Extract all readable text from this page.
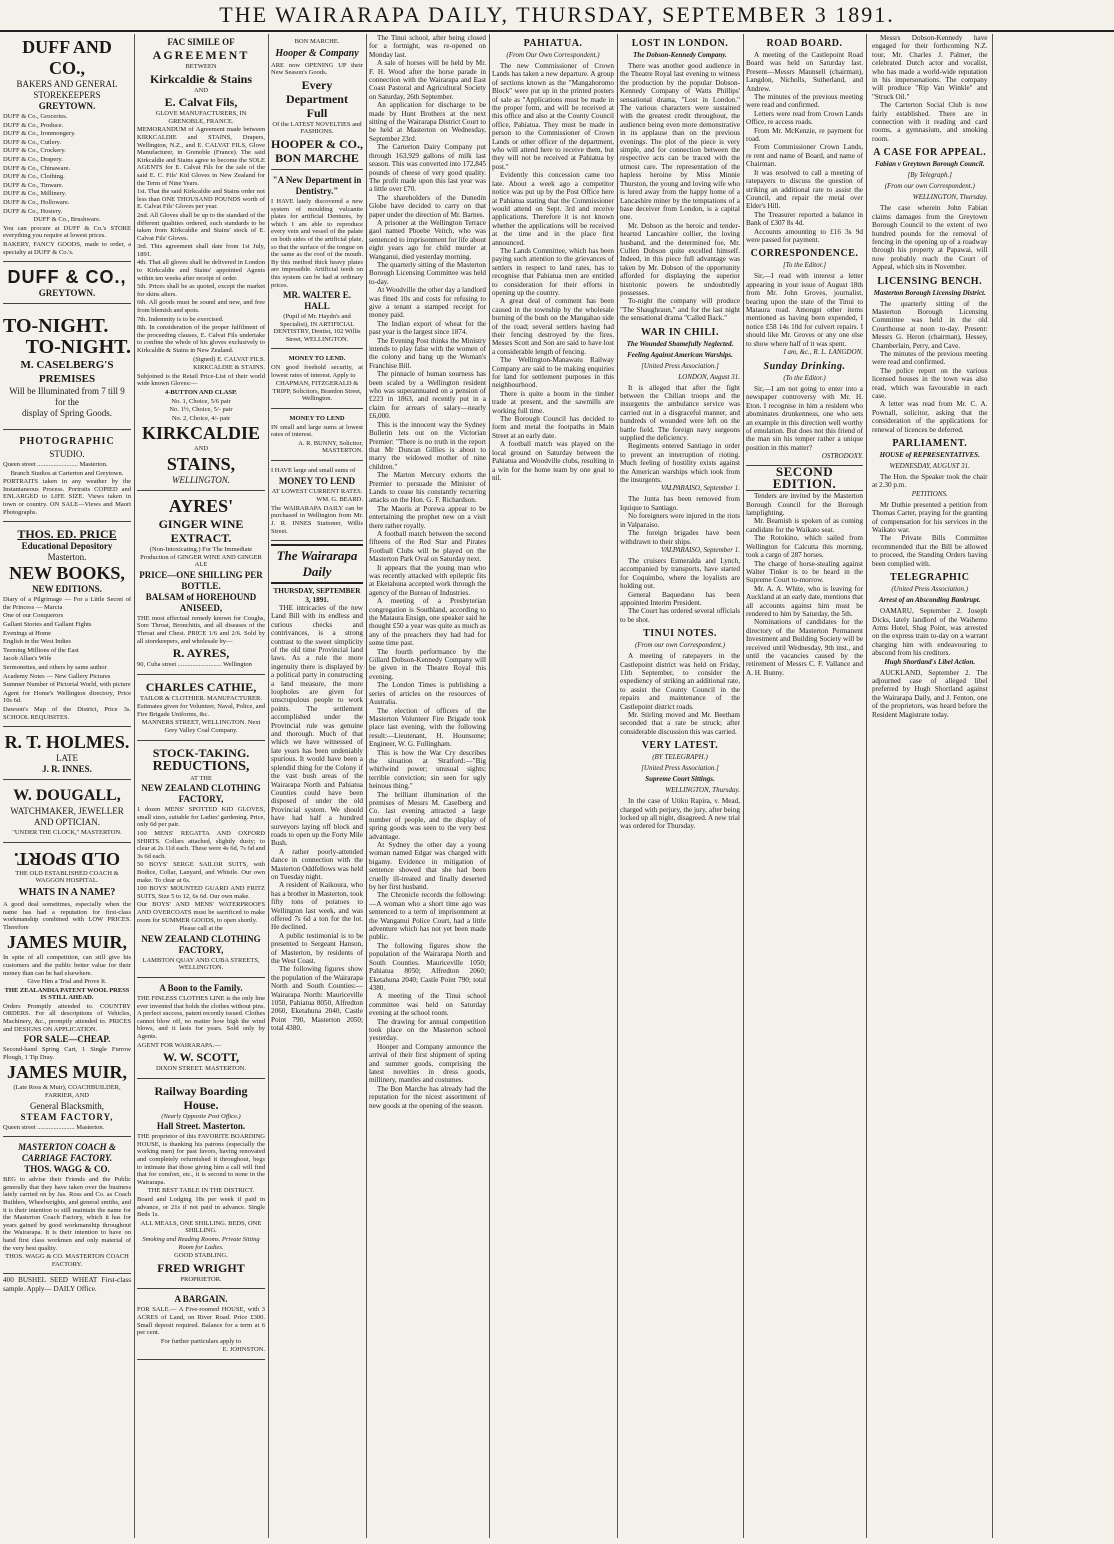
THE WAIRARAPA DAILY, THURSDAY, SEPTEMBER 3 1891.
DUFF AND CO.,
BAKERS AND GENERAL STOREKEEPERS
GREYTOWN.
DUFF & Co., Groceries.
DUFF & Co., Produce.
DUFF & Co., Ironmongery.
DUFF & Co., Cutlery.
DUFF & Co., Crockery.
DUFF & Co., Drapery.
DUFF & Co., Chinaware.
DUFF & Co., Clothing.
DUFF & Co., Tinware.
DUFF & Co., Millinery.
DUFF & Co., Holloware.
DUFF & Co., Hosiery.
DUFF & Co., Brushware.
You can procure at DUFF & Co.'s STORE everything you require at lowest prices.
BAKERY, FANCY GOODS, made to order, a specialty at DUFF & Co.'s.
DUFF & CO.,
GREYTOWN.
TO-NIGHT.
TO-NIGHT.
M. CASELBERG'S PREMISES
Will be Illuminated from 7 till 9 for the
display of Spring Goods.
PHOTOGRAPHIC
STUDIO.
Queen street ......................... Masterton.
Branch Studios at Carterton and Greytown.
PORTRAITS taken in any weather by the Instantaneous Process. Portraits COPIED and ENLARGED to LIFE SIZE. Views taken in town or country. ON SALE—Views and Maori Photographs.
THOS. ED. PRICE
Educational Depository
Masterton.
NEW BOOKS,
NEW EDITIONS.
Diary of a Pilgrimage — For a Little Secret of the Princess — Marcia
One of our Conquerors
Gallant Stories and Gallant Fights
Evenings at Home
English in the West Indies
Teeming Millions of the East
Jacob Allan's Wife
Sermonettes, and others by same author
Academy Notes — New Gallery Pictures
Summer Number of Pictorial World, with picture
Agent for Home's Wellington directory, Price 10s 6d.
Dawson's Map of the District, Price 3s. SCHOOL REQUISITES.
R. T. HOLMES.
LATE
J. R. INNES.
W. DOUGALL,
WATCHMAKER, JEWELLER AND OPTICIAN.
"UNDER THE CLOCK," MASTERTON.
OLD SPORT.
THE OLD ESTABLISHED COACH & WAGGON HOSPITAL.
WHATS IN A NAME?
A good deal sometimes, especially when the name has had a reputation for first-class workmanship combined with LOW PRICES. Therefore
JAMES MUIR,
In spite of all competition, can still give his customers and the public better value for their money than can be had elsewhere.
Give Him a Trial and Prove It.
THE ZEALANDIA PATENT WOOL PRESS IS STILL AHEAD.
Orders Promptly attended to. COUNTRY ORDERS. For all descriptions of Vehicles, Machinery, &c., promptly attended to. PRICES and DESIGNS ON APPLICATION.
FOR SALE—CHEAP.
Second-hand Spring Cart, 1 Single Furrow Plough, 1 Tip Dray.
JAMES MUIR,
(Late Ross & Muir), COACHBUILDER, FARRIER, AND
General Blacksmith,
STEAM FACTORY,
Queen street ....................... Masterton.
MASTERTON COACH & CARRIAGE FACTORY.
THOS. WAGG & CO.
BEG to advise their Friends and the Public generally that they have taken over the business lately carried on by Jas. Ross and Co. as Coach Builders, Wheelwrights, and general smiths, and it is their intention to still maintain the name for the Masterton Coach Factory, which it has for years gained by good workmanship throughout the Wairarapa. It is their intention to have on hand first class workmen and only material of the very best quality.
THOS. WAGG & CO. MASTERTON COACH FACTORY.
400 BUSHEL SEED WHEAT First-class sample. Apply— DAILY Office.
FAC SIMILE OF
AGREEMENT
BETWEEN
Kirkcaldie & Stains
AND
E. Calvat Fils,
GLOVE MANUFACTURERS, IN GRENOBLE, FRANCE.
MEMORANDUM of Agreement made between KIRKCALDIE and STAINS, Drapers, Wellington, N.Z., and E. CALVAT FILS, Glove Manufacturer, in Grenoble (France). The said Kirkcaldie and Stains agree to become the SOLE AGENTS for E. Calvat Fils for the sale of the said E. C. Fils' Kid Gloves in New Zealand for the Term of Nine Years.
1st. That the said Kirkcaldie and Stains order not less than ONE THOUSAND POUNDS worth of E. Calvat Fils' Gloves per year.
2nd. All Gloves shall be up to the standard of the different qualities ordered, such standards to be taken from Kirkcaldie and Stains' stock of E. Calvat Fils' Gloves.
3rd. This agreement shall date from 1st July, 1891.
4th. That all gloves shall be delivered in London to Kirkcaldie and Stains' appointed Agents within ten weeks after receipt of order.
5th. Prices shall be as quoted, except the market for skins alters.
6th. All goods must be sound and new, and free from blemish and spots.
7th. Indemnity is to be exercised.
8th. In consideration of the proper fulfilment of the proceeding clauses, E. Calvat Fils undertake to confine the whole of his gloves exclusively to Kirkcaldie & Stains in New Zealand.
(Signed) E. CALVAT FILS.
KIRKCALDIE & STAINS.
Subjoined is the Retail Price-List of their world wide known Gloves:—
4-BUTTON AND CLASP.
No. 1, Choice, 5/6 pair
No. 1½, Choice, 5/- pair
No. 2, Choice, 4/- pair
KIRKCALDIE
AND
STAINS,
WELLINGTON.
AYRES'
GINGER WINE EXTRACT.
(Non-Intoxicating.) For The Immediate Production of GINGER WINE AND GINGER ALE
PRICE—ONE SHILLING PER BOTTLE.
BALSAM of HOREHOUND ANISEED,
THE most effectual remedy known for Coughs, Sore Throat, Bronchitis, and all diseases of the Throat and Chest. PRICE 1/6 and 2/6. Sold by all storekeepers, and wholesale by—
R. AYRES,
90, Cuba street ........................... Wellington
CHARLES CATHIE,
TAILOR & CLOTHIER. MANUFACTURER.
Estimates given for Volunteer, Naval, Police, and Fire Brigade Uniforms, &c.
MANNERS STREET, WELLINGTON. Next Grey Valley Coal Company.
STOCK-TAKING.
REDUCTIONS,
AT THE
NEW ZEALAND CLOTHING FACTORY,
1 dozen MENS' SPOTTED KID GLOVES, small sizes, suitable for Ladies' gardening. Price, only 6d per pair.
100 MENS' REGATTA AND OXFORD SHIRTS. Collars attached, slightly dusty; to clear at 2s 11d each. These were 4s 6d, 7s 6d and 3s 6d each.
50 BOYS' SERGE SAILOR SUITS, with Bodice, Collar, Lanyard, and Whistle. Our own make. To clear at 6s.
100 BOYS' MOUNTED GUARD AND FRITZ SUITS, Size 5 to 12, 6s 6d. Our own make.
Our BOYS' AND MENS' WATERPROOFS AND OVERCOATS must be sacrificed to make room for SUMMER GOODS, to open shortly.
Please call at the
NEW ZEALAND CLOTHING FACTORY,
LAMBTON QUAY AND CUBA STREETS, WELLINGTON.
A Boon to the Family.
THE FINLESS CLOTHES LINE is the only line ever invented that holds the clothes without pins. A perfect success, patent recently issued. Clothes cannot blow off, no matter how high the wind blows, and it lasts for years. Sold only by Agents.
AGENT FOR WAIRARAPA.—
W. W. SCOTT,
DIXON STREET. MASTERTON.
Railway Boarding House.
(Nearly Opposite Post Office.)
Hall Street. Masterton.
THE proprietor of this FAVORITE BOARDING HOUSE, is thanking his patrons (especially the working men) for past favors, having renovated and completely refurnished it throughout, begs to intimate that those giving him a call will find that for comfort, etc., it is second to none in the Wairarapa.
THE BEST TABLE IN THE DISTRICT.
Board and Lodging 18s per week if paid in advance, or 21s if not paid in advance. Single Beds 1s.
ALL MEALS, ONE SHILLING. BEDS, ONE SHILLING.
Smoking and Reading Rooms. Private Sitting Room for Ladies.
GOOD STABLING.
FRED WRIGHT
PROPRIETOR.
A BARGAIN.
FOR SALE.— A Five-roomed HOUSE, with 3 ACRES of Land, on River Road. Price £300. Small deposit required. Balance for a term at 6 per cent.
For further particulars apply to
E. JOHNSTON.
BON MARCHE.
Hooper & Company
ARE now OPENING UP their New Season's Goods.
Every Department
Full
Of the LATEST NOVELTIES and FASHIONS.
HOOPER & CO.,
BON MARCHE
"A New Department in Dentistry."
I HAVE lately discovered a new system of moulding vulcanite plates for artificial Dentures, by which I am able to reproduce every vein and vessel of the palate on both sides of the artificial plate, so that the surface of the tongue on the same as the roof of the mouth. By this method thick heavy plates are impossible. Artificial teeth on this system can be had at ordinary prices.
MR. WALTER E. HALL
(Pupil of Mr. Haydn's and Specialist), IN ARTIFICIAL DENTISTRY, Dentist, 102 Willis Street, WELLINGTON.
MONEY TO LEND.
ON good freehold security, at lowest rates of interest. Apply to
CHAPMAN, FITZGERALD & TRIPP, Solicitors, Brandon Street, Wellington.
MONEY TO LEND
IN small and large sums at lowest rates of interest.
A. R. BUNNY, Solicitor, MASTERTON.
I HAVE large and small sums of
MONEY TO LEND
AT LOWEST CURRENT RATES.
WM. G. BEARD.
The WAIRARAPA DAILY can be purchased in Wellington from Mr. J. R. INNES Stationer, Willis Street.
The Wairarapa Daily
THURSDAY, SEPTEMBER 3, 1891.

THE intricacies of the new Land Bill with its endless and curious checks and contrivances, is a strong contrast to the sweet simplicity of the old time Provincial land laws. As a rule the more ingenuity there is displayed by a political party in constructing a land measure, the more loopholes are given for unscrupulous people to work points. The settlement accomplished under the Provincial rule was genuine and thorough. Much of that which we have witnessed of late years has been undeniably spurious. It would have been a splendid thing for the Colony if the vast bush areas of the Wairarapa North and Pahiatua Counties could have been disposed of under the old Provincial system. We should have had half a hundred surveyors laying off block and roads to open up the Forty Mile Bush.

A rather poorly-attended dance in connection with the Masterton Oddfellows was held on Tuesday night.

A resident of Kaikoura, who has a brother in Masterton, took fifty tons of potatoes to Wellington last week, and was offered 7s 6d a ton for the lot. He declined.

A public testimonial is to be presented to Sergeant Hanson, of Masterton, by residents of the West Coast.

The following figures show the population of the Wairarapa North and South Counties:—Wairarapa North: Mauriceville 1050, Pahiatua 8050, Alfredton 2060, Eketahuna 2040, Castle Point 790, Masterton 2050; total 4380.

The Tinui school, after being closed for a fortnight, was re-opened on Monday last.

A sale of horses will be held by Mr. F. H. Wood after the horse parade in connection with the Wairarapa and East Coast Pastoral and Agricultural Society on Saturday, 26th September.

An application for discharge to be made by Hunt Brothers at the next sitting of the Wairarapa District Court to be held at Masterton on Wednesday, September 23rd.

The Carterton Dairy Company put through 163,929 gallons of milk last season. This was converted into 172,845 pounds of cheese of very good quality. The profit made upon this last year was a little over £70.

The shareholders of the Dunedin Globe have decided to carry on that paper under the direction of Mr. Barnes.

A prisoner at the Wellington Terrace gaol named Phoebe Veitch, who was sentenced to imprisonment for life about eight years ago for child murder at Wanganui, died yesterday morning.

The quarterly sitting of the Masterton Borough Licensing Committee was held to-day.

At Woodville the other day a landlord was fined 10s and costs for refusing to give a tenant a stamped receipt for money paid.

The Indian export of wheat for the past year is the largest since 1874.

The Evening Post thinks the Ministry intends to play false with the women of the colony and hang up the Woman's Franchise Bill.

The pinnacle of human sourness has been scaled by a Wellington resident who was superannuated on a pension of £223 in 1863, and recently put in a claim for arrears of salary—nearly £6,000.

This is the innocent way the Sydney Bulletin lets out on the Victorian Premier: "There is no truth in the report that Mr Duncan Gillies is about to marry the widowed mother of nine children."

The Marton Mercury exhorts the Premier to persuade the Minister of Lands to cease his constantly recurring attacks on the Hon. G. F. Richardson.

The Maoris at Porewa appear to be entertaining the prophet new on a visit there rather royally.

A football match between the second fifteens of the Red Star and Pirates Football Clubs will be played on the Masterton Park Oval on Saturday next.

It appears that the young man who was recently attacked with epileptic fits at Eketahuna accepted work through the agency of the Bureau of Industries.

A meeting of a Presbyterian congregation is Southland, according to the Mataura Ensign, one speaker said he thought £50 a year was quite as much as any of the preachers they had had for some time past.

The fourth performance by the Gillard Dobson-Kennedy Company will be given in the Theatre Royal this evening.

The London Times is publishing a series of articles on the resources of Australia.

The election of officers of the Masterton Volunteer Fire Brigade took place last evening, with the following result:—Lieutenant, H. Hounsome; Engineer, W. G. Fullingham.

This is how the War Cry describes the situation at Stratford:—"Big whirlwind power; unusual sights; terrible conviction; sin seen for ugly heinous thing."

The brilliant illumination of the premises of Messrs M. Caselberg and Co. last evening attracted a large number of people, and the display of spring goods was seen to the very best advantage.

At Sydney the other day a young woman named Edgar was charged with bigamy. Evidence in mitigation of sentence showed that she had been cruelly ill-treated and finally deserted by her first husband.

The Chronicle records the following:—A woman who a short time ago was sentenced to a term of imprisonment at the Wanganui Police Court, had a little adventure which has not yet been made public.

The following figures show the population of the Wairarapa North and South Counties. Mauriceville 1050; Pahiatua 8050; Alfredton 2060; Eketahuna 2040; Castle Point 790; total 4380.

A meeting of the Tinui school committee was held on Saturday evening at the school room.

The drawing for annual competition took place on the Masterton school yesterday.

Hooper and Company announce the arrival of their first shipment of spring and summer goods, comprising the latest novelties in dress goods, millinery, mantles and costumes.

The Bon Marche has already had the reputation for the nicest assortment of new goods at the opening of the season.

PAHIATUA.
(From Our Own Correspondent.)

The new Commissioner of Crown Lands has taken a new departure. A group of sections known as the "Mangahoromo Block" were put up in the printed posters of sale as "Applications must be made in the proper form, and will be received at this office and also at the County Council office, Pahiatua. They must be made in person to the Commissioner of Crown Lands or other officer of the department, who will attend here to receive them, but they will not be received at Pahiatua by post."

Evidently this concession came too late. About a week ago a competitor notice was put up by the Post Office here at Pahiatua stating that the Commissioner would attend on Sept. 3rd and receive applications. Therefore it is not known whether the applications will be received at the time and in the place first announced.

The Lands Committee, which has been paying such attention to the grievances of settlers in respect to land rates, has to recognise that Pahiatua men are entitled to consideration for their efforts in opening up the country.

A great deal of comment has been caused in the township by the wholesale burning of the bush on the Mangahao side of the road; several settlers having had their fencing destroyed by the fires. Messrs Scott and Son are said to have lost a considerable length of fencing.

The Wellington-Manawatu Railway Company are said to be making enquiries for land for settlement purposes in this neighbourhood.

There is quite a boom in the timber trade at present, and the sawmills are working full time.

The Borough Council has decided to form and metal the footpaths in Main Street at an early date.

A football match was played on the local ground on Saturday between the Pahiatua and Woodville clubs, resulting in a win for the home team by one goal to nil.

LOST IN LONDON.
The Dobson-Kennedy Company.

There was another good audience in the Theatre Royal last evening to witness the production by the popular Dobson-Kennedy Company of Watts Phillips' sensational drama, "Lost in London." The various characters were sustained with the greatest credit throughout, the audience being even more demonstrative in its applause than on the previous evenings. The plot of the piece is very simple, and for connection between the respective acts can be traced with the utmost care. The representation of the hapless heroine by Miss Minnie Thurston, the young and loving wife who is lured away from the happy home of a Lancashire miner by the temptations of a base deceiver from London, is a capital one.

Mr. Dobson as the heroic and tender-hearted Lancashire collier, the loving husband, and the determined foe, Mr. Cullen Dobson quite excelled himself. Indeed, in this piece full advantage was taken by Mr. Dobson of the opportunity afforded for displaying the superior histrionic powers he undoubtedly possesses.

To-night the company will produce "The Shaughraun," and for the last night the sensational drama "Called Back."

WAR IN CHILI.
The Wounded Shamefully Neglected.
Feeling Against American Warships.
[United Press Association.]
LONDON, August 31.

It is alleged that after the fight between the Chilian troops and the insurgents the ambulance service was carried out in a disgraceful manner, and hundreds of wounded were left on the battle field. The foreign navy surgeons supplied the deficiency.

Regiments entered Santiago in order to prevent an interruption of rioting. Much feeling of hostility exists against the American warships which took from the insurgents.

VALPARAISO, September 1.

The Junta has been removed from Iquique to Santiago.

No foreigners were injured in the riots in Valparaiso.

The foreign brigades have been withdrawn to their ships.

VALPARAISO, September 1.

The cruisers Esmeralda and Lynch, accompanied by transports, have started for Coquimbo, where the loyalists are holding out.

General Baquedano has been appointed Interim President.

The Court has ordered several officials to be shot.

TINUI NOTES.
(From our own Correspondent.)

A meeting of ratepayers in the Castlepoint district was held on Friday, 11th September, to consider the expediency of striking an additional rate, to assist the County Council in the repairs and maintenance of the Castlepoint district roads.

Mr. Stirling moved and Mr. Beetham seconded that a rate be struck; after considerable discussion this was carried.

VERY LATEST.
(BY TELEGRAPH.)
[United Press Association.]
Supreme Court Sittings.
WELLINGTON, Thursday.

In the case of Utiku Rapira, v. Mead, charged with perjury, the jury, after being locked up all night, disagreed. A new trial was ordered for Thursday.

ROAD BOARD.

A meeting of the Castlepoint Road Board was held on Saturday last. Present—Messrs Maunsell (chairman), Langdon, Nicholls, Sutherland, and Andrew.

The minutes of the previous meeting were read and confirmed.

Letters were read from Crown Lands Office, re access roads.

From Mr. McKenzie, re payment for road.

From Commissioner Crown Lands, re rent and name of Board, and name of Chairman.

It was resolved to call a meeting of ratepayers to discuss the question of striking an additional rate to assist the Council, and repair the metal over Elder's Hill.

The Treasurer reported a balance in Bank of £307 8s 4d.

Accounts amounting to £16 3s 9d were passed for payment.

CORRESPONDENCE.
[To the Editor.]

Sir,—I read with interest a letter appearing in your issue of August 18th from Mr. John Groves, journalist, bearing upon the state of the Tinui to Mataura road. Amongst other items mentioned as having been expended, I notice £58 14s 10d for culvert repairs. I should like Mr. Groves or any one else to show where half of it was spent.

I am, &c., R. L. LANGDON.
Sunday Drinking.
(To the Editor.)

Sir,—I am not going to enter into a newspaper controversy with Mr. H. Eton. I recognise in him a resident who abominates drunkenness, one who sets an example in this direction well worthy of emulation. But does not this friend of the man sin his temper rather a unique position in this matter?

OSTRODOXY.
SECOND EDITION.

Tenders are invited by the Masterton Borough Council for the Borough lamplighting.

Mr. Beamish is spoken of as coming candidate for the Waikato seat.

The Rotokino, which sailed from Wellington for Calcutta this morning, took a cargo of 287 horses.

The charge of horse-stealing against Walter Tinker is to be heard in the Supreme Court to-morrow.

Mr. A. A. White, who is leaving for Auckland at an early date, mentions that all accounts against him must be rendered to him by Saturday, the 5th.

Nominations of candidates for the directory of the Masterton Permanent Investment and Building Society will be received until Wednesday, 9th inst., and until the vacancies caused by the retirement of Messrs C. F. Vallance and A. H. Bunny.

Messrs Dobson-Kennedy have engaged for their forthcoming N.Z. tour, Mr. Charles J. Palmer, the celebrated Dutch actor and vocalist, who has made a world-wide reputation in his impersonations. The company will produce "Rip Van Winkle" and "Struck Oil."

The Carterton Social Club is now fairly established. There are in connection with it reading and card rooms, a gymnasium, and smoking room.

A CASE FOR APPEAL.
Fabian v Greytown Borough Council.
[By Telegraph.]
(From our own Correspondent.)
WELLINGTON, Thursday.

The case wherein John Fabian claims damages from the Greytown Borough Council to the extent of two hundred pounds for the removal of fencing in the opening up of a roadway through his property at Papawai, will now probably reach the Court of Appeal, which sits in November.

LICENSING BENCH.
Masterton Borough Licensing District.

The quarterly sitting of the Masterton Borough Licensing Committee was held in the old Courthouse at noon to-day. Present: Messrs G. Heron (chairman), Hessey, Chamberlain, Perry, and Cave.

The minutes of the previous meeting were read and confirmed.

The police report on the various licensed houses in the town was also read, which was favourable in each case.

A letter was read from Mr. C. A. Pownall, solicitor, asking that the consideration of the applications for renewal of licences be deferred.

PARLIAMENT.
HOUSE of REPRESENTATIVES.
WEDNESDAY, AUGUST 31.

The Hon. the Speaker took the chair at 2.30 p.m.

PETITIONS.

Mr Duthie presented a petition from Thomas Carter, praying for the granting of compensation for his services in the Waikato war.

The Private Bills Committee recommended that the Bill be allowed to proceed, the Standing Orders having been complied with.

TELEGRAPHIC
(United Press Association.)
Arrest of an Absconding Bankrupt.

OAMARU, September 2. Joseph Dicks, lately landlord of the Waihemo Arms Hotel, Shag Point, was arrested on the express train to-day on a warrant charging him with endeavouring to abscond from his creditors.

Hugh Shortland's Libel Action.

AUCKLAND, September 2. The adjourned case of alleged libel preferred by Hugh Shortland against the Wairarapa Daily, and J. Fenton, one of the proprietors, was heard before the Resident Magistrate today.
